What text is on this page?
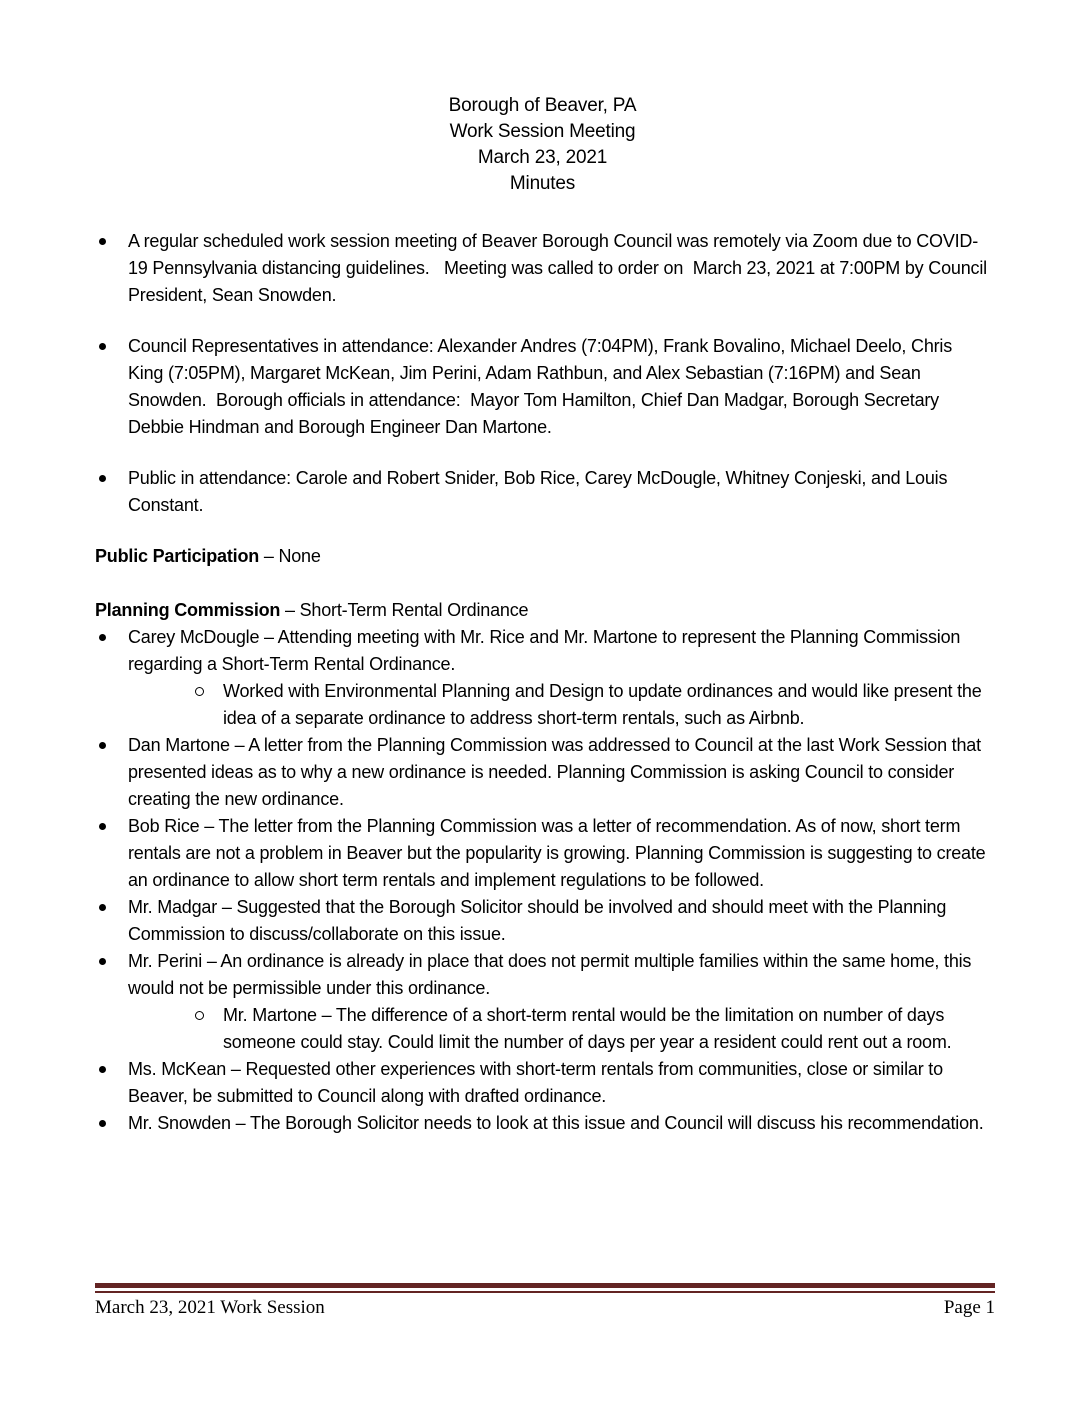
Borough of Beaver, PA
Work Session Meeting
March 23, 2021
Minutes
A regular scheduled work session meeting of Beaver Borough Council was remotely via Zoom due to COVID-19 Pennsylvania distancing guidelines.   Meeting was called to order on  March 23, 2021 at 7:00PM by Council President, Sean Snowden.
Council Representatives in attendance: Alexander Andres (7:04PM), Frank Bovalino, Michael Deelo, Chris King (7:05PM), Margaret McKean, Jim Perini, Adam Rathbun, and Alex Sebastian (7:16PM) and Sean Snowden.  Borough officials in attendance:  Mayor Tom Hamilton, Chief Dan Madgar, Borough Secretary Debbie Hindman and Borough Engineer Dan Martone.
Public in attendance: Carole and Robert Snider, Bob Rice, Carey McDougle, Whitney Conjeski, and Louis Constant.

Public Participation – None

Planning Commission – Short-Term Rental Ordinance

Carey McDougle – Attending meeting with Mr. Rice and Mr. Martone to represent the Planning Commission regarding a Short-Term Rental Ordinance.
Worked with Environmental Planning and Design to update ordinances and would like present the idea of a separate ordinance to address short-term rentals, such as Airbnb.
Dan Martone – A letter from the Planning Commission was addressed to Council at the last Work Session that presented ideas as to why a new ordinance is needed. Planning Commission is asking Council to consider creating the new ordinance.
Bob Rice – The letter from the Planning Commission was a letter of recommendation. As of now, short term rentals are not a problem in Beaver but the popularity is growing. Planning Commission is suggesting to create an ordinance to allow short term rentals and implement regulations to be followed.
Mr. Madgar – Suggested that the Borough Solicitor should be involved and should meet with the Planning Commission to discuss/collaborate on this issue.
Mr. Perini – An ordinance is already in place that does not permit multiple families within the same home, this would not be permissible under this ordinance.
Mr. Martone – The difference of a short-term rental would be the limitation on number of days someone could stay. Could limit the number of days per year a resident could rent out a room.
Ms. McKean – Requested other experiences with short-term rentals from communities, close or similar to Beaver, be submitted to Council along with drafted ordinance.
Mr. Snowden – The Borough Solicitor needs to look at this issue and Council will discuss his recommendation.
March 23, 2021 Work Session	Page 1
